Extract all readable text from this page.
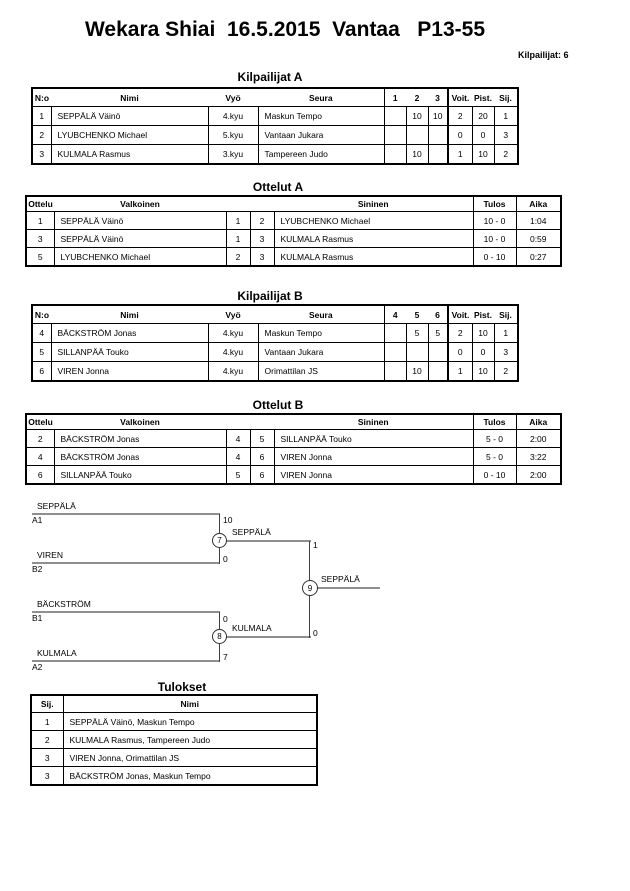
Wekara Shiai  16.5.2015  Vantaa   P13-55
Kilpailijat: 6
Kilpailijat A
N:o	Nimi	Vyö	Seura	1	2	3	Voit.	Pist.	Sij.
1	SEPPÄLÄ Väinö	4.kyu	Maskun Tempo		10	10	2	20	1
2	LYUBCHENKO Michael	5.kyu	Vantaan Jukara				0	0	3
3	KULMALA Rasmus	3.kyu	Tampereen Judo		10		1	10	2
Ottelut A
Ottelu	Valkoinen			Sininen	Tulos	Aika
1	SEPPÄLÄ Väinö	1	2	LYUBCHENKO Michael	10 - 0	1:04
3	SEPPÄLÄ Väinö	1	3	KULMALA Rasmus	10 - 0	0:59
5	LYUBCHENKO Michael	2	3	KULMALA Rasmus	0 - 10	0:27
Kilpailijat B
N:o	Nimi	Vyö	Seura	4	5	6	Voit.	Pist.	Sij.
4	BÄCKSTRÖM Jonas	4.kyu	Maskun Tempo		5	5	2	10	1
5	SILLANPÄÄ Touko	4.kyu	Vantaan Jukara				0	0	3
6	VIREN Jonna	4.kyu	Orimattilan JS		10		1	10	2
Ottelut B
Ottelu	Valkoinen			Sininen	Tulos	Aika
2	BÄCKSTRÖM Jonas	4	5	SILLANPÄÄ Touko	5 - 0	2:00
4	BÄCKSTRÖM Jonas	4	6	VIREN Jonna	5 - 0	3:22
6	SILLANPÄÄ Touko	5	6	VIREN Jonna	0 - 10	2:00
SEPPÄLÄ
A1	10
VIREN
B2
0
SEPPÄLÄ
1
BÄCKSTRÖM
B1	0
KULMALA
A2
7
KULMALA	0
SEPPÄLÄ
7
8
9
Tulokset
Sij.	Nimi
1	SEPPÄLÄ Väinö, Maskun Tempo
2	KULMALA Rasmus, Tampereen Judo
3	VIREN Jonna, Orimattilan JS
3	BÄCKSTRÖM Jonas, Maskun Tempo
